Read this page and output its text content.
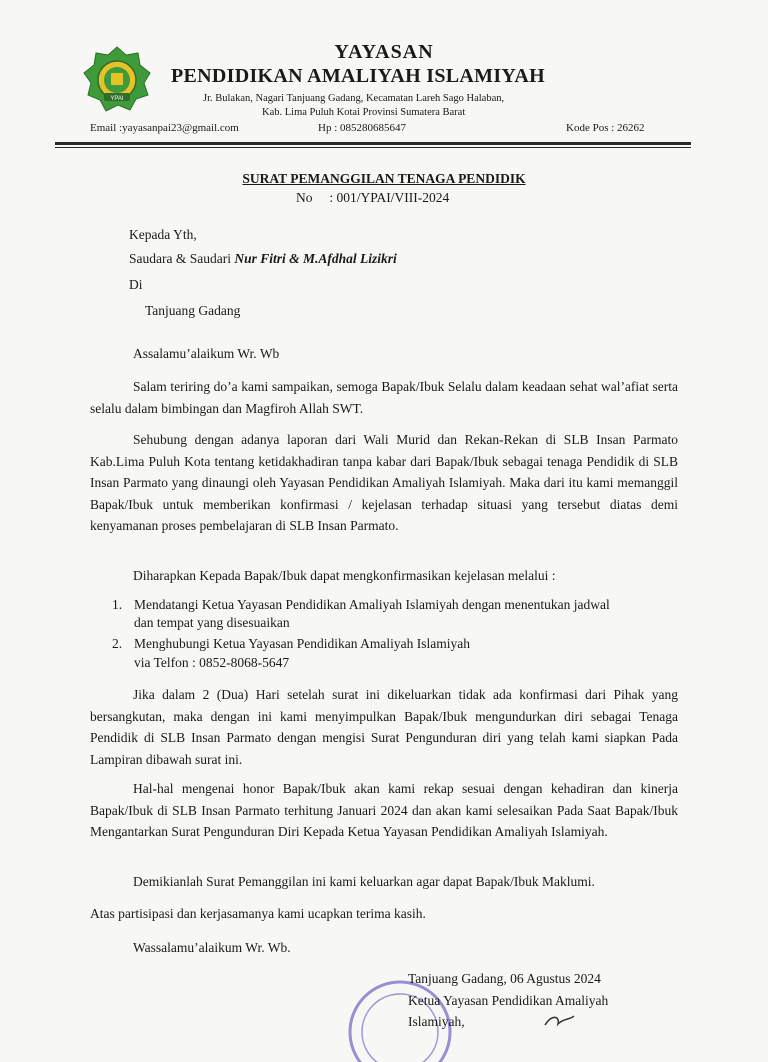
YPAI
YAYASAN
PENDIDIKAN AMALIYAH ISLAMIYAH
Jr. Bulakan, Nagari Tanjuang Gadang, Kecamatan Lareh Sago Halaban,
Kab. Lima Puluh Kotai Provinsi Sumatera Barat
Email :yayasanpai23@gmail.com	Hp : 085280685647	Kode Pos : 26262
SURAT PEMANGGILAN TENAGA PENDIDIK
No     : 001/YPAI/VIII-2024
Kepada Yth,
Saudara & Saudari Nur Fitri & M.Afdhal Lizikri
Di
Tanjuang Gadang
Assalamu’alaikum Wr. Wb

Salam teriring do’a kami sampaikan, semoga Bapak/Ibuk Selalu dalam keadaan sehat wal’afiat serta selalu dalam bimbingan dan Magfiroh Allah SWT.

Sehubung dengan adanya laporan dari Wali Murid dan Rekan-Rekan di SLB Insan Parmato Kab.Lima Puluh Kota tentang ketidakhadiran tanpa kabar dari Bapak/Ibuk sebagai tenaga Pendidik di SLB Insan Parmato yang dinaungi oleh Yayasan Pendidikan Amaliyah Islamiyah. Maka dari itu kami memanggil Bapak/Ibuk untuk memberikan konfirmasi / kejelasan terhadap situasi yang tersebut diatas demi kenyamanan proses pembelajaran di SLB Insan Parmato.

Diharapkan Kepada Bapak/Ibuk dapat mengkonfirmasikan kejelasan melalui :

1. Mendatangi Ketua Yayasan Pendidikan Amaliyah Islamiyah dengan menentukan jadwal
dan tempat yang disesuaikan
2. Menghubungi Ketua Yayasan Pendidikan Amaliyah Islamiyah
via Telfon : 0852-8068-5647

Jika dalam 2 (Dua) Hari setelah surat ini dikeluarkan tidak ada konfirmasi dari Pihak yang bersangkutan, maka dengan ini kami menyimpulkan Bapak/Ibuk mengundurkan diri sebagai Tenaga Pendidik di SLB Insan Parmato dengan mengisi Surat Pengunduran diri yang telah kami siapkan Pada Lampiran dibawah surat ini.

Hal-hal mengenai honor Bapak/Ibuk akan kami rekap sesuai dengan kehadiran dan kinerja Bapak/Ibuk di SLB Insan Parmato terhitung Januari 2024 dan akan kami selesaikan Pada Saat Bapak/Ibuk Mengantarkan Surat Pengunduran Diri Kepada Ketua Yayasan Pendidikan Amaliyah Islamiyah.

Demikianlah Surat Pemanggilan ini kami keluarkan agar dapat Bapak/Ibuk Maklumi.

Atas partisipasi dan kerjasamanya kami ucapkan terima kasih.
Wassalamu’alaikum Wr. Wb.
Tanjuang Gadang, 06 Agustus 2024
Ketua Yayasan Pendidikan Amaliyah
Islamiyah,
